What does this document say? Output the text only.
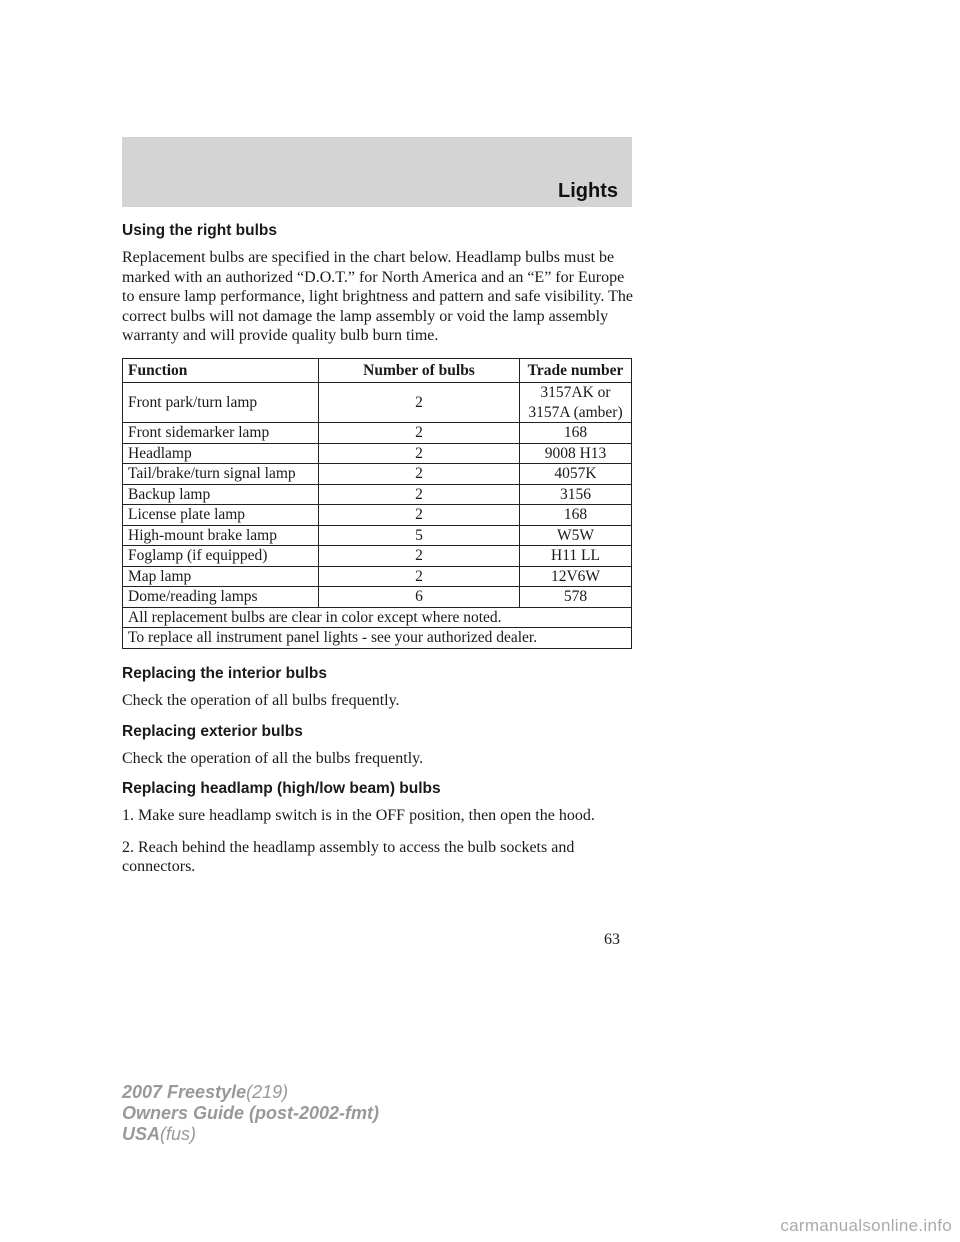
Lights
Using the right bulbs

Replacement bulbs are specified in the chart below. Headlamp bulbs must be marked with an authorized “D.O.T.” for North America and an “E” for Europe to ensure lamp performance, light brightness and pattern and safe visibility. The correct bulbs will not damage the lamp assembly or void the lamp assembly warranty and will provide quality bulb burn time.

Function	Number of bulbs	Trade number
Front park/turn lamp	2	3157AK or 3157A (amber)
Front sidemarker lamp	2	168
Headlamp	2	9008 H13
Tail/brake/turn signal lamp	2	4057K
Backup lamp	2	3156
License plate lamp	2	168
High-mount brake lamp	5	W5W
Foglamp (if equipped)	2	H11 LL
Map lamp	2	12V6W
Dome/reading lamps	6	578
All replacement bulbs are clear in color except where noted.		
To replace all instrument panel lights - see your authorized dealer.		
Replacing the interior bulbs

Check the operation of all bulbs frequently.

Replacing exterior bulbs

Check the operation of all the bulbs frequently.

Replacing headlamp (high/low beam) bulbs

1. Make sure headlamp switch is in the OFF position, then open the hood.

2. Reach behind the headlamp assembly to access the bulb sockets and connectors.

63
2007 Freestyle(219)
Owners Guide (post-2002-fmt)
USA(fus)
carmanualsonline.info
